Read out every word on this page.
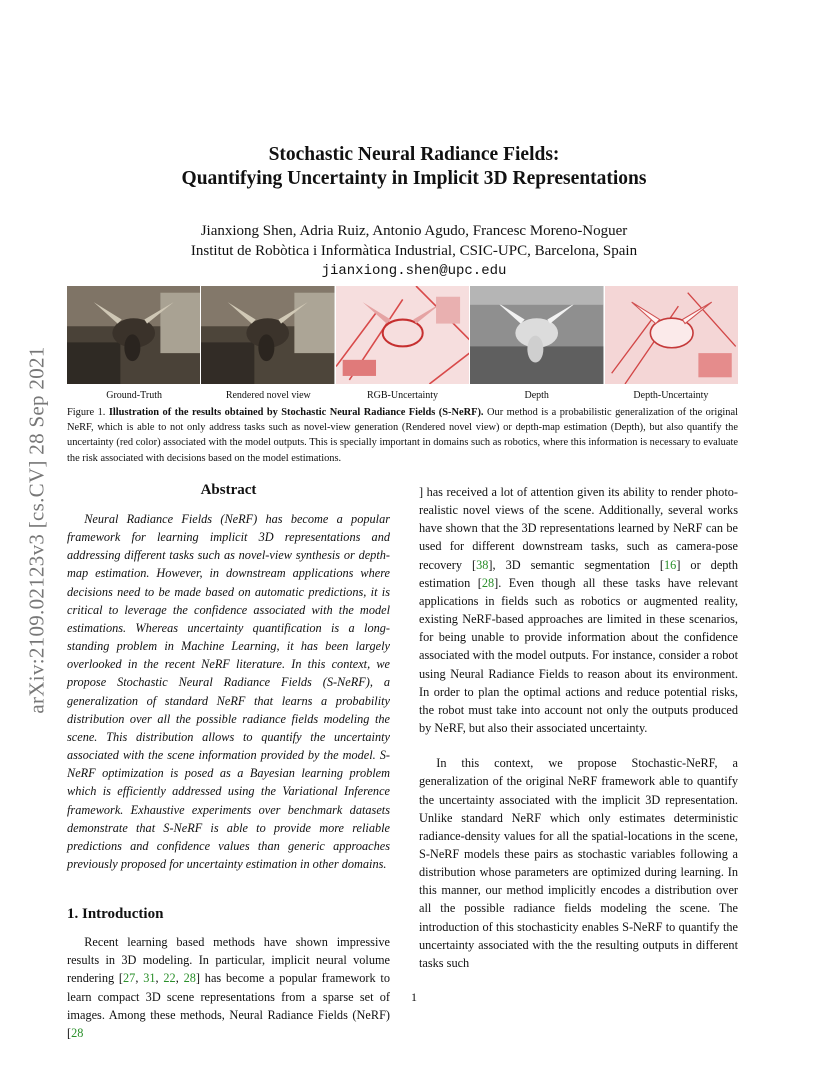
arXiv:2109.02123v3 [cs.CV] 28 Sep 2021
Stochastic Neural Radiance Fields:
Quantifying Uncertainty in Implicit 3D Representations
Jianxiong Shen, Adria Ruiz, Antonio Agudo, Francesc Moreno-Noguer
Institut de Robòtica i Informàtica Industrial, CSIC-UPC, Barcelona, Spain
jianxiong.shen@upc.edu
Ground-Truth	Rendered novel view	RGB-Uncertainty	Depth	Depth-Uncertainty
Figure 1. Illustration of the results obtained by Stochastic Neural Radiance Fields (S-NeRF). Our method is a probabilistic generalization of the original NeRF, which is able to not only address tasks such as novel-view generation (Rendered novel view) or depth-map estimation (Depth), but also quantify the uncertainty (red color) associated with the model outputs. This is specially important in domains such as robotics, where this information is necessary to evaluate the risk associated with decisions based on the model estimations.
Abstract

Neural Radiance Fields (NeRF) has become a popular framework for learning implicit 3D representations and addressing different tasks such as novel-view synthesis or depth-map estimation. However, in downstream applications where decisions need to be made based on automatic predictions, it is critical to leverage the confidence associated with the model estimations. Whereas uncertainty quantification is a long-standing problem in Machine Learning, it has been largely overlooked in the recent NeRF literature. In this context, we propose Stochastic Neural Radiance Fields (S-NeRF), a generalization of standard NeRF that learns a probability distribution over all the possible radiance fields modeling the scene. This distribution allows to quantify the uncertainty associated with the scene information provided by the model. S-NeRF optimization is posed as a Bayesian learning problem which is efficiently addressed using the Variational Inference framework. Exhaustive experiments over benchmark datasets demonstrate that S-NeRF is able to provide more reliable predictions and confidence values than generic approaches previously proposed for uncertainty estimation in other domains.

1. Introduction

Recent learning based methods have shown impressive results in 3D modeling. In particular, implicit neural volume rendering [27, 31, 22, 28] has become a popular framework to learn compact 3D scene representations from a sparse set of images. Among these methods, Neural Radiance Fields (NeRF) [28

1

] has received a lot of attention given its ability to render photo-realistic novel views of the scene. Additionally, several works have shown that the 3D representations learned by NeRF can be used for different downstream tasks, such as camera-pose recovery [38], 3D semantic segmentation [16] or depth estimation [28]. Even though all these tasks have relevant applications in fields such as robotics or augmented reality, existing NeRF-based approaches are limited in these scenarios, for being unable to provide information about the confidence associated with the model outputs. For instance, consider a robot using Neural Radiance Fields to reason about its environment. In order to plan the optimal actions and reduce potential risks, the robot must take into account not only the outputs produced by NeRF, but also their associated uncertainty.

In this context, we propose Stochastic-NeRF, a generalization of the original NeRF framework able to quantify the uncertainty associated with the implicit 3D representation. Unlike standard NeRF which only estimates deterministic radiance-density values for all the spatial-locations in the scene, S-NeRF models these pairs as stochastic variables following a distribution whose parameters are optimized during learning. In this manner, our method implicitly encodes a distribution over all the possible radiance fields modeling the scene. The introduction of this stochasticity enables S-NeRF to quantify the uncertainty associated with the the resulting outputs in different tasks such
